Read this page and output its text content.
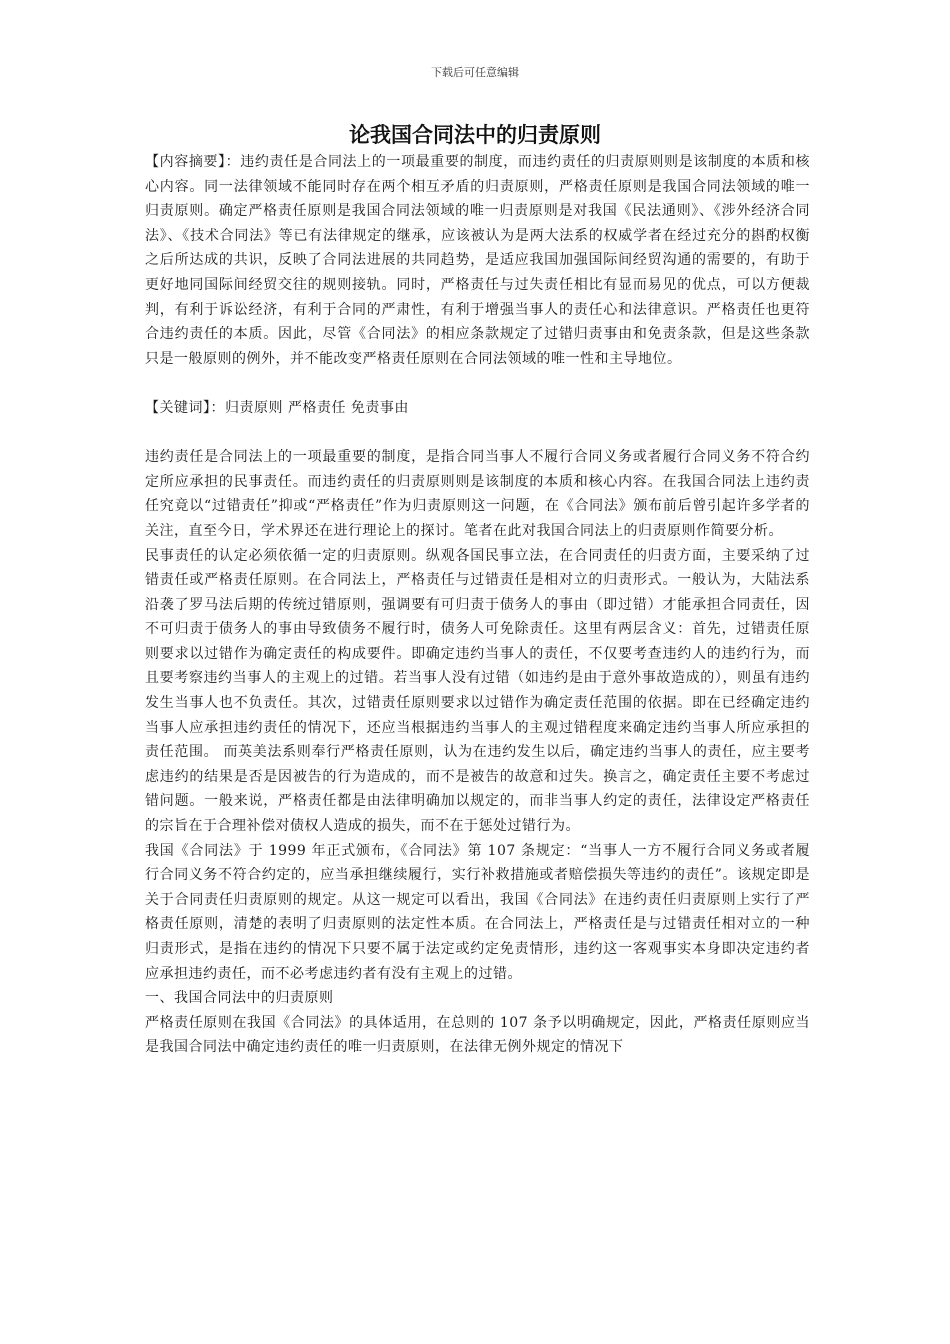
下载后可任意编辑
论我国合同法中的归责原则

【内容摘要】：违约责任是合同法上的一项最重要的制度，而违约责任的归责原则则是该制度的本质和核心内容。同一法律领域不能同时存在两个相互矛盾的归责原则，严格责任原则是我国合同法领域的唯一归责原则。确定严格责任原则是我国合同法领域的唯一归责原则是对我国《民法通则》、《涉外经济合同法》、《技术合同法》等已有法律规定的继承，应该被认为是两大法系的权威学者在经过充分的斟酌权衡之后所达成的共识，反映了合同法进展的共同趋势，是适应我国加强国际间经贸沟通的需要的，有助于更好地同国际间经贸交往的规则接轨。同时，严格责任与过失责任相比有显而易见的优点，可以方便裁判，有利于诉讼经济，有利于合同的严肃性，有利于增强当事人的责任心和法律意识。严格责任也更符合违约责任的本质。因此，尽管《合同法》的相应条款规定了过错归责事由和免责条款，但是这些条款只是一般原则的例外，并不能改变严格责任原则在合同法领域的唯一性和主导地位。

【关键词】：归责原则 严格责任 免责事由

违约责任是合同法上的一项最重要的制度，是指合同当事人不履行合同义务或者履行合同义务不符合约定所应承担的民事责任。而违约责任的归责原则则是该制度的本质和核心内容。在我国合同法上违约责任究竟以“过错责任”抑或“严格责任”作为归责原则这一问题，在《合同法》颁布前后曾引起许多学者的关注，直至今日，学术界还在进行理论上的探讨。笔者在此对我国合同法上的归责原则作简要分析。

民事责任的认定必须依循一定的归责原则。纵观各国民事立法，在合同责任的归责方面，主要采纳了过错责任或严格责任原则。在合同法上，严格责任与过错责任是相对立的归责形式。一般认为，大陆法系沿袭了罗马法后期的传统过错原则，强调要有可归责于债务人的事由（即过错）才能承担合同责任，因不可归责于债务人的事由导致债务不履行时，债务人可免除责任。这里有两层含义：首先，过错责任原则要求以过错作为确定责任的构成要件。即确定违约当事人的责任，不仅要考查违约人的违约行为，而且要考察违约当事人的主观上的过错。若当事人没有过错（如违约是由于意外事故造成的），则虽有违约发生当事人也不负责任。其次，过错责任原则要求以过错作为确定责任范围的依据。即在已经确定违约当事人应承担违约责任的情况下，还应当根据违约当事人的主观过错程度来确定违约当事人所应承担的责任范围。 而英美法系则奉行严格责任原则，认为在违约发生以后，确定违约当事人的责任，应主要考虑违约的结果是否是因被告的行为造成的，而不是被告的故意和过失。换言之，确定责任主要不考虑过错问题。一般来说，严格责任都是由法律明确加以规定的，而非当事人约定的责任，法律设定严格责任的宗旨在于合理补偿对债权人造成的损失，而不在于惩处过错行为。

我国《合同法》于 1999 年正式颁布，《合同法》第 107 条规定：“当事人一方不履行合同义务或者履行合同义务不符合约定的，应当承担继续履行，实行补救措施或者赔偿损失等违约的责任”。该规定即是关于合同责任归责原则的规定。从这一规定可以看出，我国《合同法》在违约责任归责原则上实行了严格责任原则，清楚的表明了归责原则的法定性本质。在合同法上，严格责任是与过错责任相对立的一种归责形式，是指在违约的情况下只要不属于法定或约定免责情形，违约这一客观事实本身即决定违约者应承担违约责任，而不必考虑违约者有没有主观上的过错。

一、我国合同法中的归责原则

严格责任原则在我国《合同法》的具体适用，在总则的 107 条予以明确规定，因此，严格责任原则应当是我国合同法中确定违约责任的唯一归责原则，在法律无例外规定的情况下
